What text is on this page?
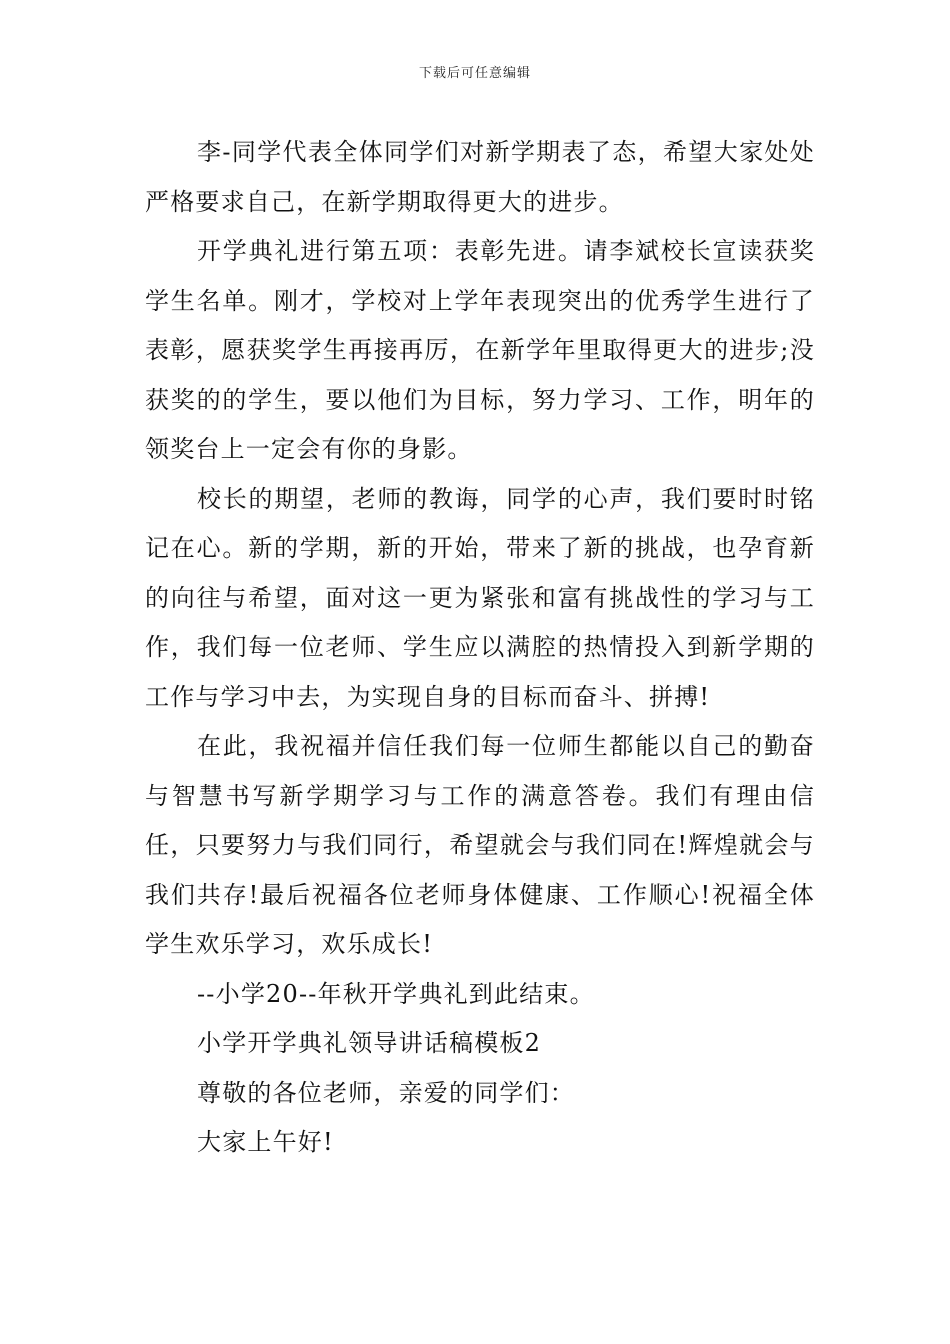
下载后可任意编辑

李-同学代表全体同学们对新学期表了态，希望大家处处严格要求自己，在新学期取得更大的进步。

开学典礼进行第五项：表彰先进。请李斌校长宣读获奖学生名单。刚才，学校对上学年表现突出的优秀学生进行了表彰，愿获奖学生再接再厉，在新学年里取得更大的进步;没获奖的的学生，要以他们为目标，努力学习、工作，明年的领奖台上一定会有你的身影。

校长的期望，老师的教诲，同学的心声，我们要时时铭记在心。新的学期，新的开始，带来了新的挑战，也孕育新的向往与希望，面对这一更为紧张和富有挑战性的学习与工作，我们每一位老师、学生应以满腔的热情投入到新学期的工作与学习中去，为实现自身的目标而奋斗、拼搏!

在此，我祝福并信任我们每一位师生都能以自己的勤奋与智慧书写新学期学习与工作的满意答卷。我们有理由信任，只要努力与我们同行，希望就会与我们同在!辉煌就会与我们共存!最后祝福各位老师身体健康、工作顺心!祝福全体学生欢乐学习，欢乐成长!

--小学20--年秋开学典礼到此结束。

小学开学典礼领导讲话稿模板2

尊敬的各位老师，亲爱的同学们：

大家上午好!
